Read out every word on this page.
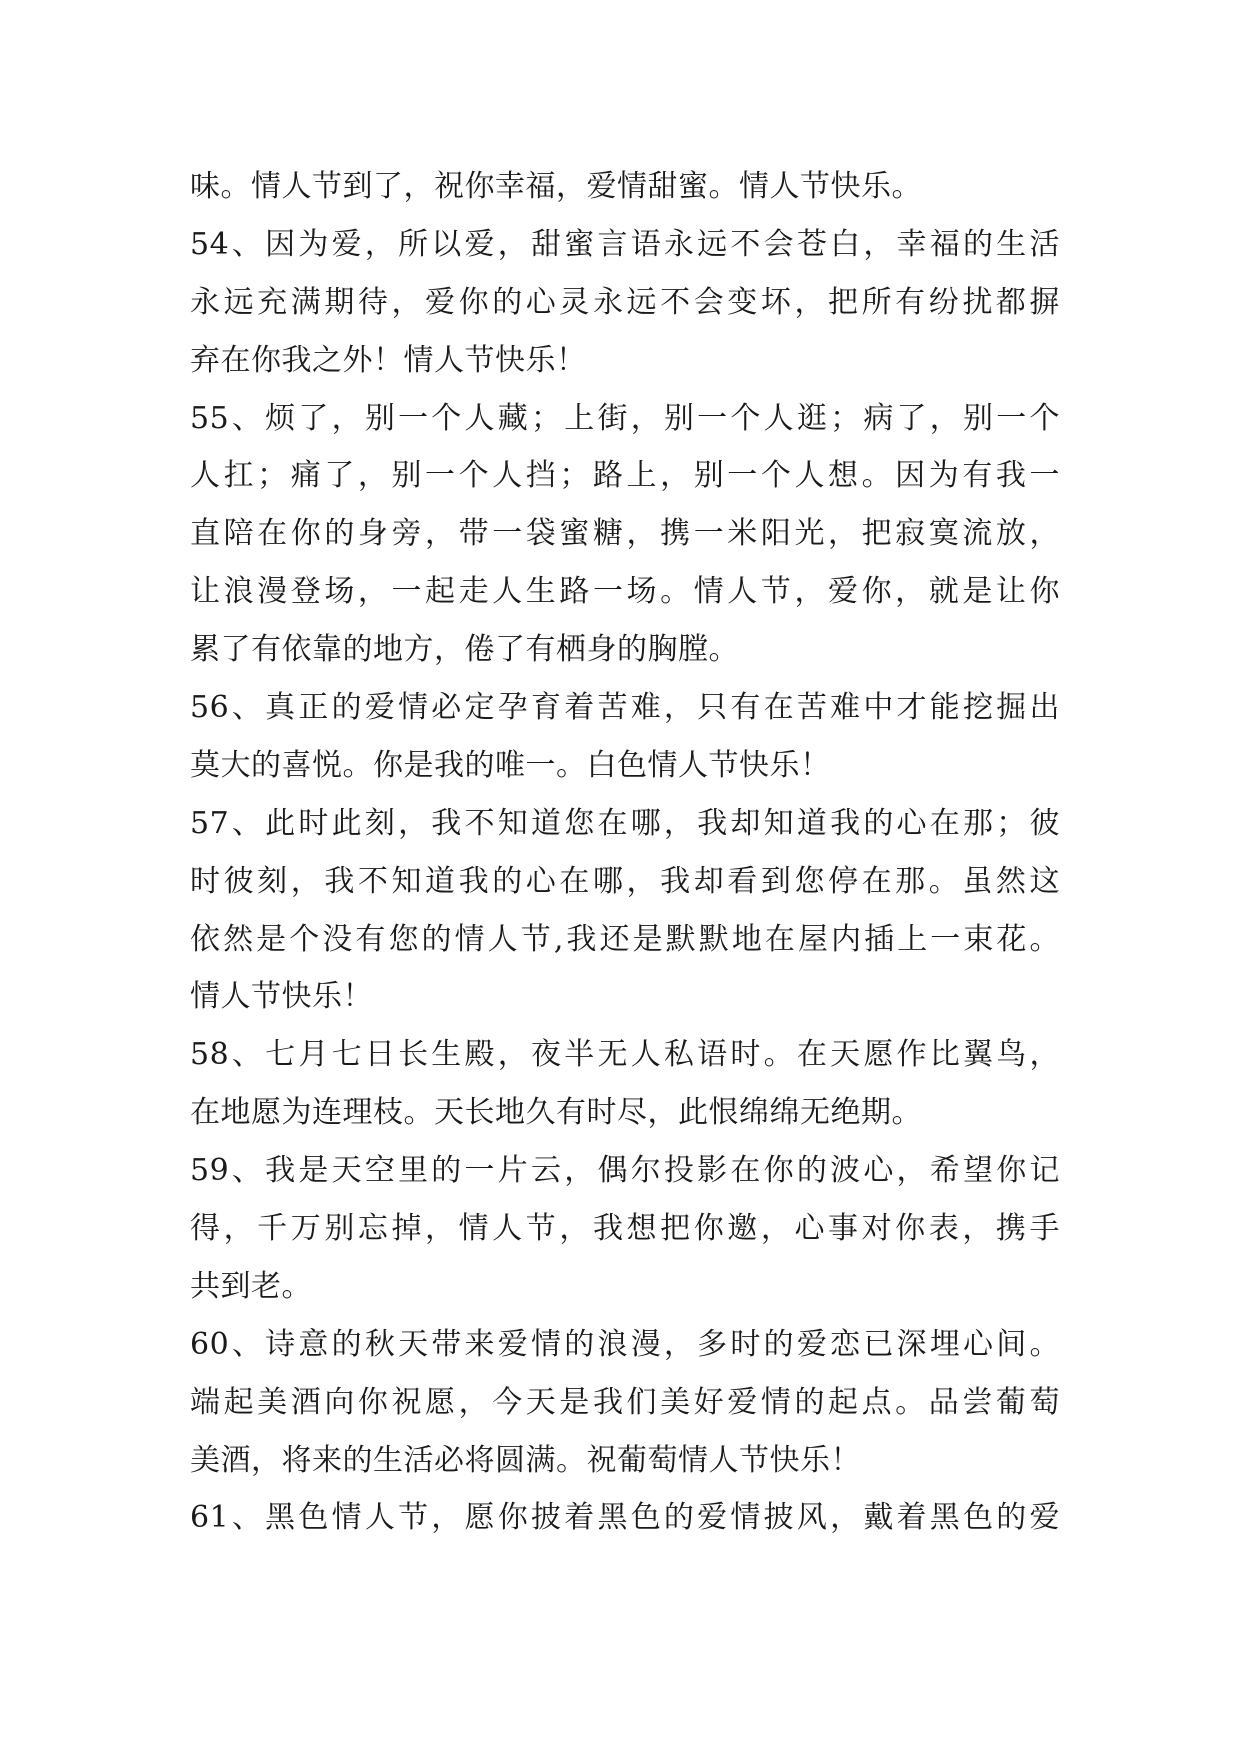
味。情人节到了，祝你幸福，爱情甜蜜。情人节快乐。
54、因为爱，所以爱，甜蜜言语永远不会苍白，幸福的生活
永远充满期待，爱你的心灵永远不会变坏，把所有纷扰都摒
弃在你我之外！情人节快乐！
55、烦了，别一个人藏；上街，别一个人逛；病了，别一个
人扛；痛了，别一个人挡；路上，别一个人想。因为有我一
直陪在你的身旁，带一袋蜜糖，携一米阳光，把寂寞流放，
让浪漫登场，一起走人生路一场。情人节，爱你，就是让你
累了有依靠的地方，倦了有栖身的胸膛。
56、真正的爱情必定孕育着苦难，只有在苦难中才能挖掘出
莫大的喜悦。你是我的唯一。白色情人节快乐！
57、此时此刻，我不知道您在哪，我却知道我的心在那；彼
时彼刻，我不知道我的心在哪，我却看到您停在那。虽然这
依然是个没有您的情人节,我还是默默地在屋内插上一束花。
情人节快乐！
58、七月七日长生殿，夜半无人私语时。在天愿作比翼鸟，
在地愿为连理枝。天长地久有时尽，此恨绵绵无绝期。
59、我是天空里的一片云，偶尔投影在你的波心，希望你记
得，千万别忘掉，情人节，我想把你邀，心事对你表，携手
共到老。
60、诗意的秋天带来爱情的浪漫，多时的爱恋已深埋心间。
端起美酒向你祝愿，今天是我们美好爱情的起点。品尝葡萄
美酒，将来的生活必将圆满。祝葡萄情人节快乐！
61、黑色情人节，愿你披着黑色的爱情披风，戴着黑色的爱
